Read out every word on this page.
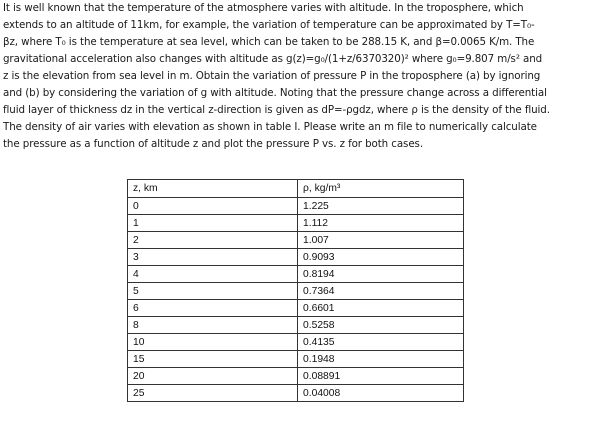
It is well known that the temperature of the atmosphere varies with altitude. In the troposphere, which
extends to an altitude of 11km, for example, the variation of temperature can be approximated by T=T₀-
βz, where T₀ is the temperature at sea level, which can be taken to be 288.15 K, and β=0.0065 K/m. The
gravitational acceleration also changes with altitude as g(z)=g₀/(1+z/6370320)² where g₀=9.807 m/s² and
z is the elevation from sea level in m. Obtain the variation of pressure P in the troposphere (a) by ignoring
and (b) by considering the variation of g with altitude. Noting that the pressure change across a differential
fluid layer of thickness dz in the vertical z-direction is given as dP=-ρgdz, where ρ is the density of the fluid.
The density of air varies with elevation as shown in table I. Please write an m file to numerically calculate
the pressure as a function of altitude z and plot the pressure P vs. z for both cases.
z, km	ρ, kg/m³
0	1.225
1	1.112
2	1.007
3	0.9093
4	0.8194
5	0.7364
6	0.6601
8	0.5258
10	0.4135
15	0.1948
20	0.08891
25	0.04008
